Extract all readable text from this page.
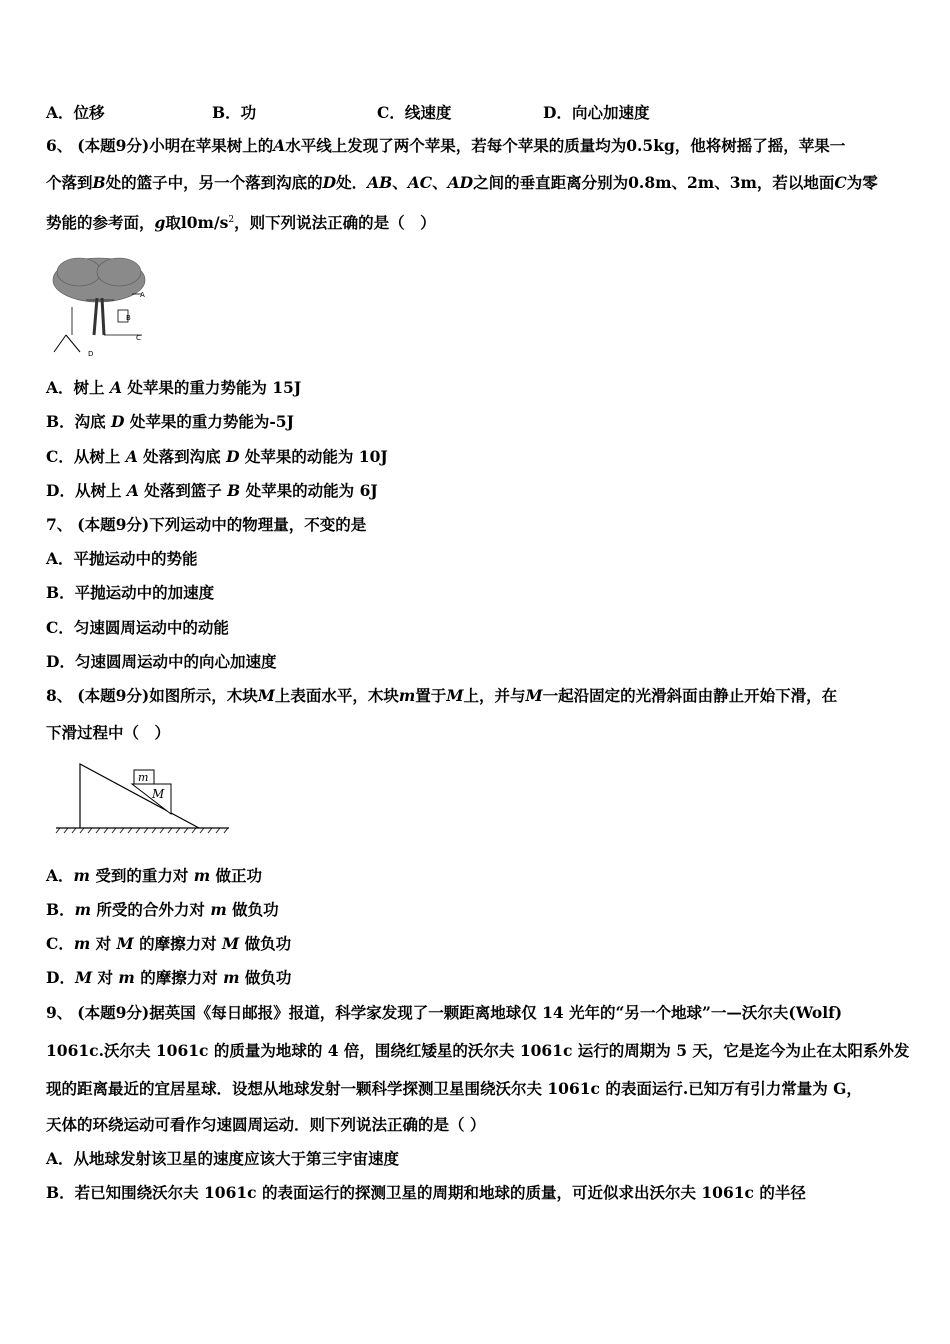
A．位移	B．功	C．线速度	D．向心加速度
6、 (本题9分)小明在苹果树上的A水平线上发现了两个苹果，若每个苹果的质量均为0.5kg，他将树摇了摇，苹果一
个落到B处的篮子中，另一个落到沟底的D处．AB、AC、AD之间的垂直距离分别为0.8m、2m、3m，若以地面C为零
势能的参考面，g取$l0m/s^2$，则下列说法正确的是（　）
A
B
C
D
A．树上 A 处苹果的重力势能为 15J
B．沟底 D 处苹果的重力势能为-5J
C．从树上 A 处落到沟底 D 处苹果的动能为 10J
D．从树上 A 处落到篮子 B 处苹果的动能为 6J
7、 (本题9分)下列运动中的物理量，不变的是
A．平抛运动中的势能
B．平抛运动中的加速度
C．匀速圆周运动中的动能
D．匀速圆周运动中的向心加速度
8、 (本题9分)如图所示，木块M上表面水平，木块m置于M上，并与M一起沿固定的光滑斜面由静止开始下滑，在
下滑过程中（　）
m
M
A．m 受到的重力对 m 做正功
B．m 所受的合外力对 m 做负功
C．m 对 M 的摩擦力对 M 做负功
D．M 对 m 的摩擦力对 m 做负功
9、 (本题9分)据英国《每日邮报》报道，科学家发现了一颗距离地球仅 14 光年的“另一个地球”一—沃尔夫(Wolf)
1061c.沃尔夫 1061c 的质量为地球的 4 倍，围绕红矮星的沃尔夫 1061c 运行的周期为 5 天，它是迄今为止在太阳系外发
现的距离最近的宜居星球．设想从地球发射一颗科学探测卫星围绕沃尔夫 1061c 的表面运行.已知万有引力常量为 G，
天体的环绕运动可看作匀速圆周运动．则下列说法正确的是（ ）
A．从地球发射该卫星的速度应该大于第三宇宙速度
B．若已知围绕沃尔夫 1061c 的表面运行的探测卫星的周期和地球的质量，可近似求出沃尔夫 1061c 的半径
